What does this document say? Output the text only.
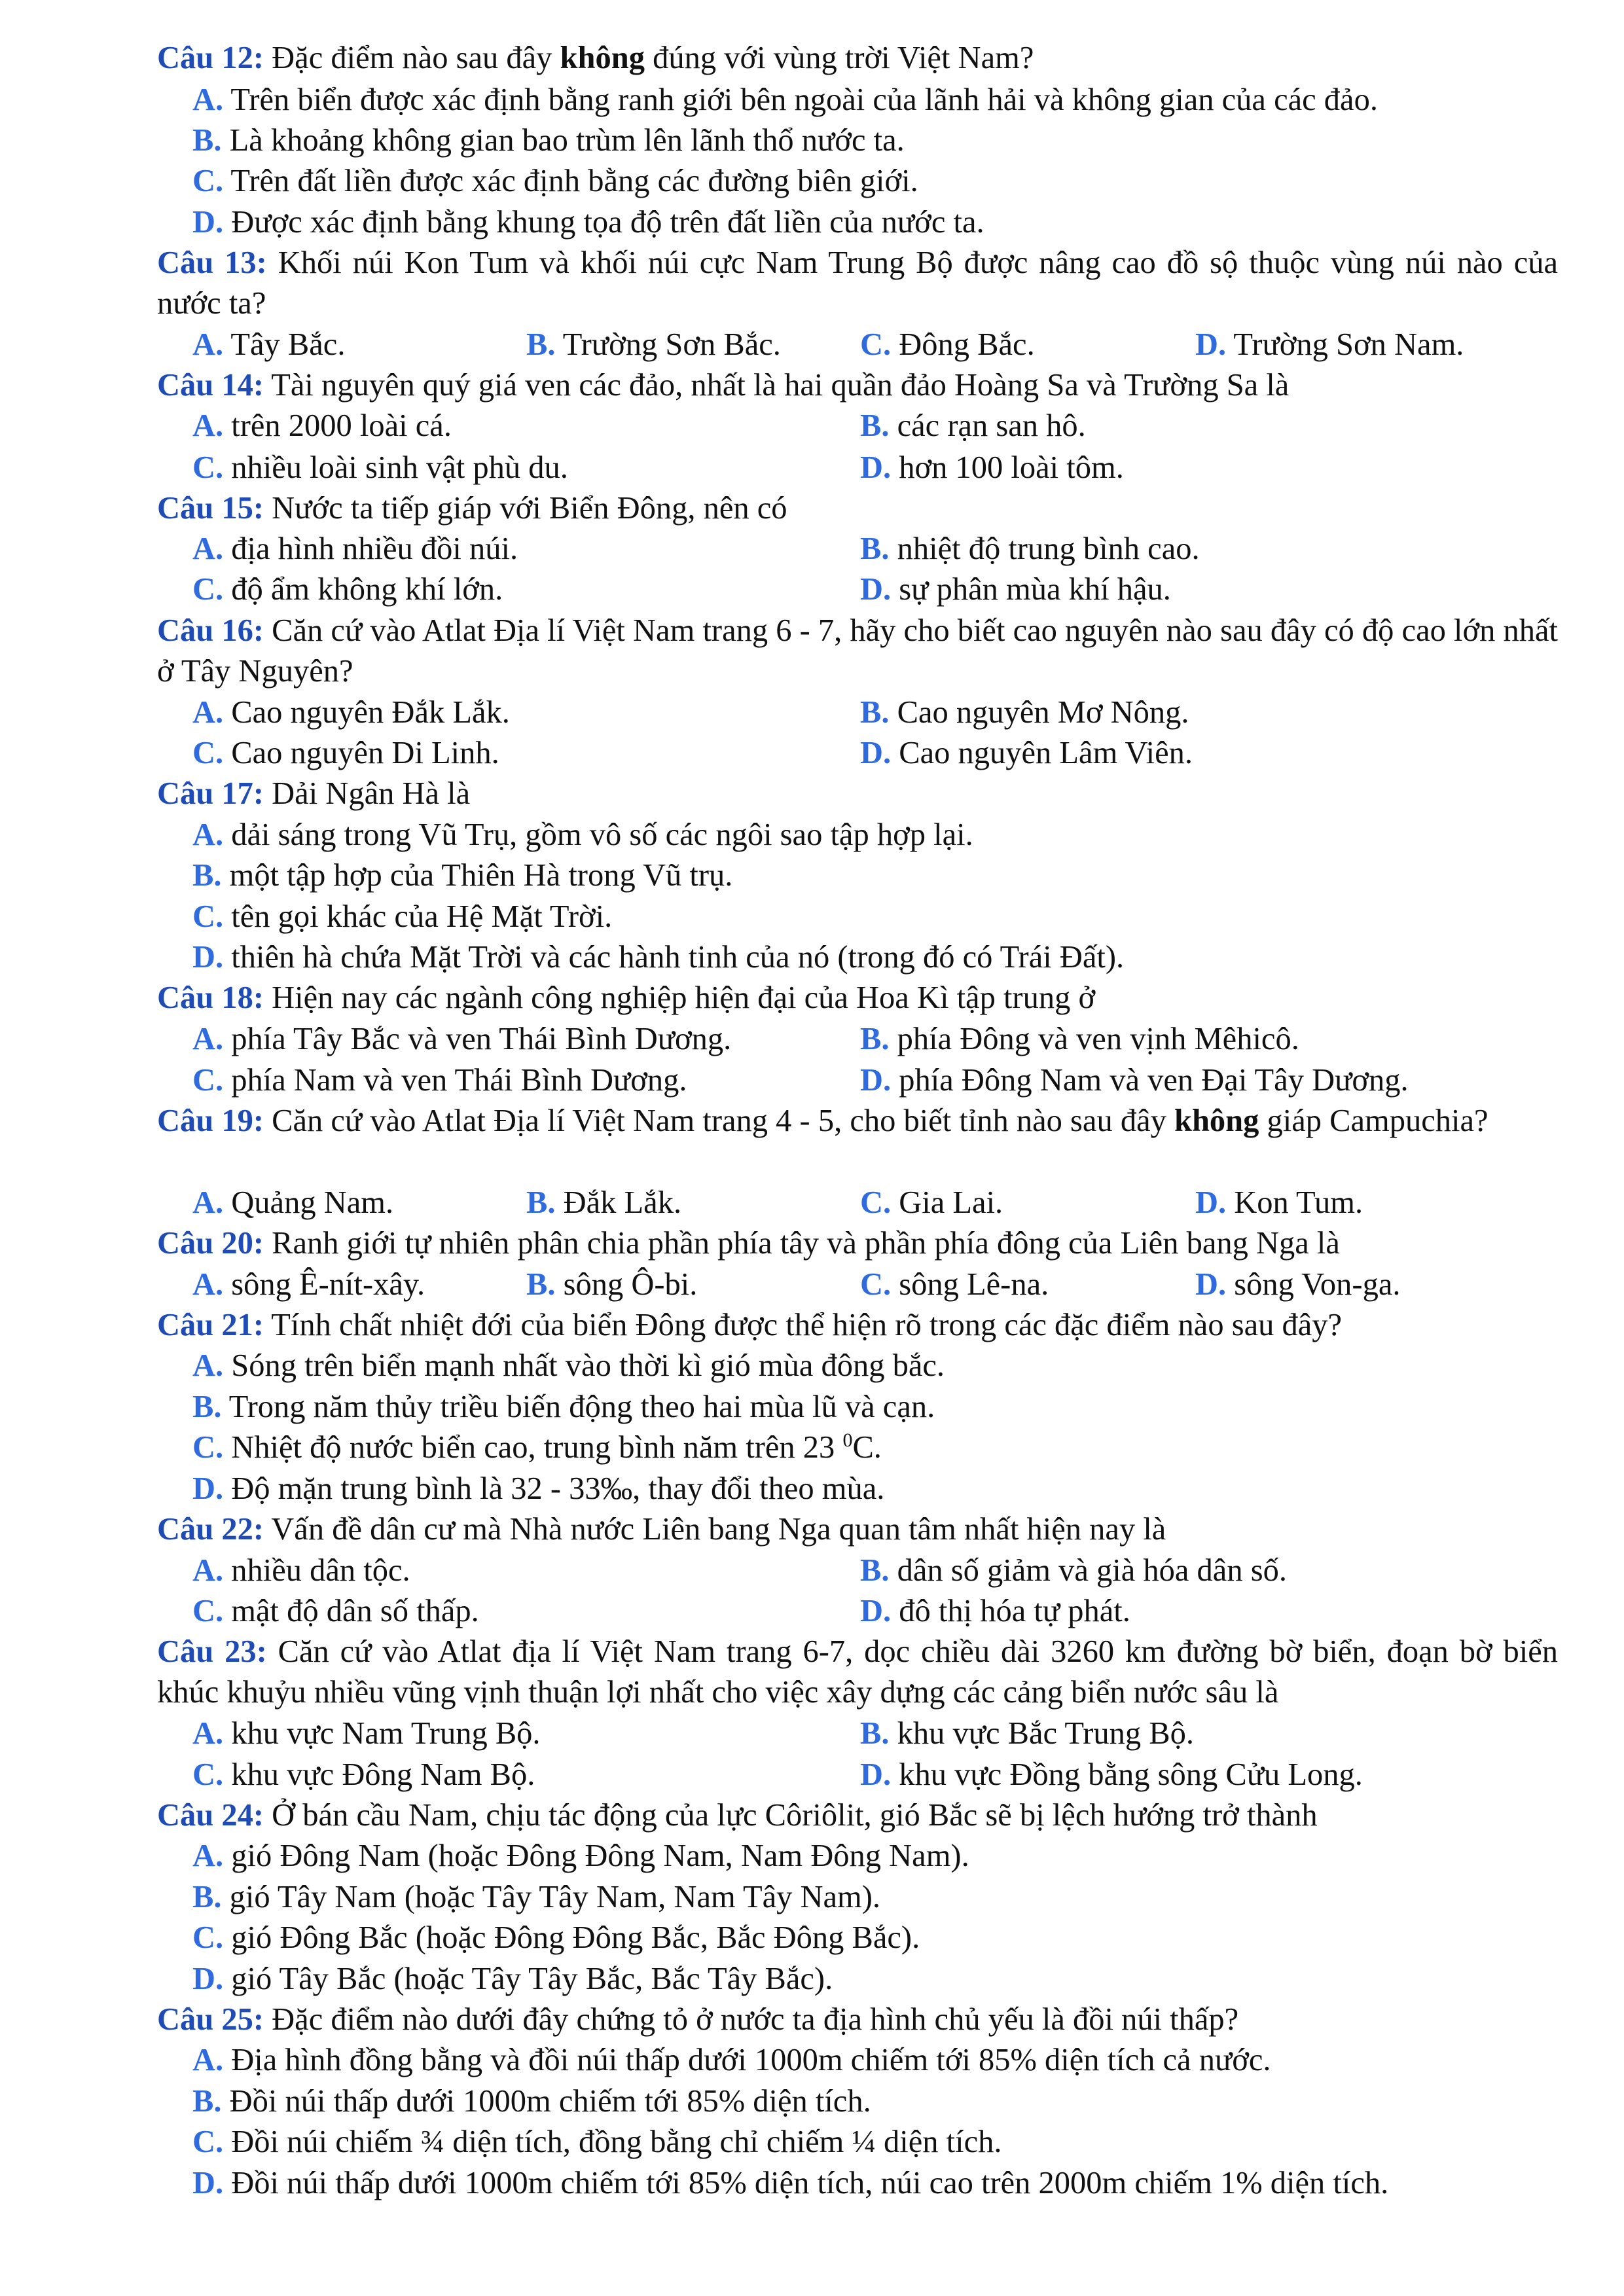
Câu 12: Đặc điểm nào sau đây không đúng với vùng trời Việt Nam?
A. Trên biển được xác định bằng ranh giới bên ngoài của lãnh hải và không gian của các đảo.
B. Là khoảng không gian bao trùm lên lãnh thổ nước ta.
C. Trên đất liền được xác định bằng các đường biên giới.
D. Được xác định bằng khung tọa độ trên đất liền của nước ta.
Câu 13: Khối núi Kon Tum và khối núi cực Nam Trung Bộ được nâng cao đồ sộ thuộc vùng núi nào của nước ta?
A. Tây Bắc.	B. Trường Sơn Bắc. C. Đông Bắc.	D. Trường Sơn Nam.
Câu 14: Tài nguyên quý giá ven các đảo, nhất là hai quần đảo Hoàng Sa và Trường Sa là
A. trên 2000 loài cá.	B. các rạn san hô.
C. nhiều loài sinh vật phù du.	D. hơn 100 loài tôm.
Câu 15: Nước ta tiếp giáp với Biển Đông, nên có
A. địa hình nhiều đồi núi.	B. nhiệt độ trung bình cao.
C. độ ẩm không khí lớn.	D. sự phân mùa khí hậu.
Câu 16: Căn cứ vào Atlat Địa lí Việt Nam trang 6 - 7, hãy cho biết cao nguyên nào sau đây có độ cao lớn nhất ở Tây Nguyên?
A. Cao nguyên Đắk Lắk.	B. Cao nguyên Mơ Nông.
C. Cao nguyên Di Linh.	D. Cao nguyên Lâm Viên.
Câu 17: Dải Ngân Hà là
A. dải sáng trong Vũ Trụ, gồm vô số các ngôi sao tập hợp lại.
B. một tập hợp của Thiên Hà trong Vũ trụ.
C. tên gọi khác của Hệ Mặt Trời.
D. thiên hà chứa Mặt Trời và các hành tinh của nó (trong đó có Trái Đất).
Câu 18: Hiện nay các ngành công nghiệp hiện đại của Hoa Kì tập trung ở
A. phía Tây Bắc và ven Thái Bình Dương.	B. phía Đông và ven vịnh Mêhicô.
C. phía Nam và ven Thái Bình Dương.	D. phía Đông Nam và ven Đại Tây Dương.
Câu 19: Căn cứ vào Atlat Địa lí Việt Nam trang 4 - 5, cho biết tỉnh nào sau đây không giáp Campuchia?
A. Quảng Nam.	B. Đắk Lắk.	C. Gia Lai.	D. Kon Tum.
Câu 20: Ranh giới tự nhiên phân chia phần phía tây và phần phía đông của Liên bang Nga là
A. sông Ê-nít-xây.	B. sông Ô-bi.	C. sông Lê-na.	D. sông Von-ga.
Câu 21: Tính chất nhiệt đới của biển Đông được thể hiện rõ trong các đặc điểm nào sau đây?
A. Sóng trên biển mạnh nhất vào thời kì gió mùa đông bắc.
B. Trong năm thủy triều biến động theo hai mùa lũ và cạn.
C. Nhiệt độ nước biển cao, trung bình năm trên 23 $^0$C.
D. Độ mặn trung bình là 32 - 33‰, thay đổi theo mùa.
Câu 22: Vấn đề dân cư mà Nhà nước Liên bang Nga quan tâm nhất hiện nay là
A. nhiều dân tộc.	B. dân số giảm và già hóa dân số.
C. mật độ dân số thấp.	D. đô thị hóa tự phát.
Câu 23: Căn cứ vào Atlat địa lí Việt Nam trang 6-7, dọc chiều dài 3260 km đường bờ biển, đoạn bờ biển khúc khuỷu nhiều vũng vịnh thuận lợi nhất cho việc xây dựng các cảng biển nước sâu là
A. khu vực Nam Trung Bộ.	B. khu vực Bắc Trung Bộ.
C. khu vực Đông Nam Bộ.	D. khu vực Đồng bằng sông Cửu Long.
Câu 24: Ở bán cầu Nam, chịu tác động của lực Côriôlit, gió Bắc sẽ bị lệch hướng trở thành
A. gió Đông Nam (hoặc Đông Đông Nam, Nam Đông Nam).
B. gió Tây Nam (hoặc Tây Tây Nam, Nam Tây Nam).
C. gió Đông Bắc (hoặc Đông Đông Bắc, Bắc Đông Bắc).
D. gió Tây Bắc (hoặc Tây Tây Bắc, Bắc Tây Bắc).
Câu 25: Đặc điểm nào dưới đây chứng tỏ ở nước ta địa hình chủ yếu là đồi núi thấp?
A. Địa hình đồng bằng và đồi núi thấp dưới 1000m chiếm tới 85% diện tích cả nước.
B. Đồi núi thấp dưới 1000m chiếm tới 85% diện tích.
C. Đồi núi chiếm ¾ diện tích, đồng bằng chỉ chiếm ¼ diện tích.
D. Đồi núi thấp dưới 1000m chiếm tới 85% diện tích, núi cao trên 2000m chiếm 1% diện tích.
